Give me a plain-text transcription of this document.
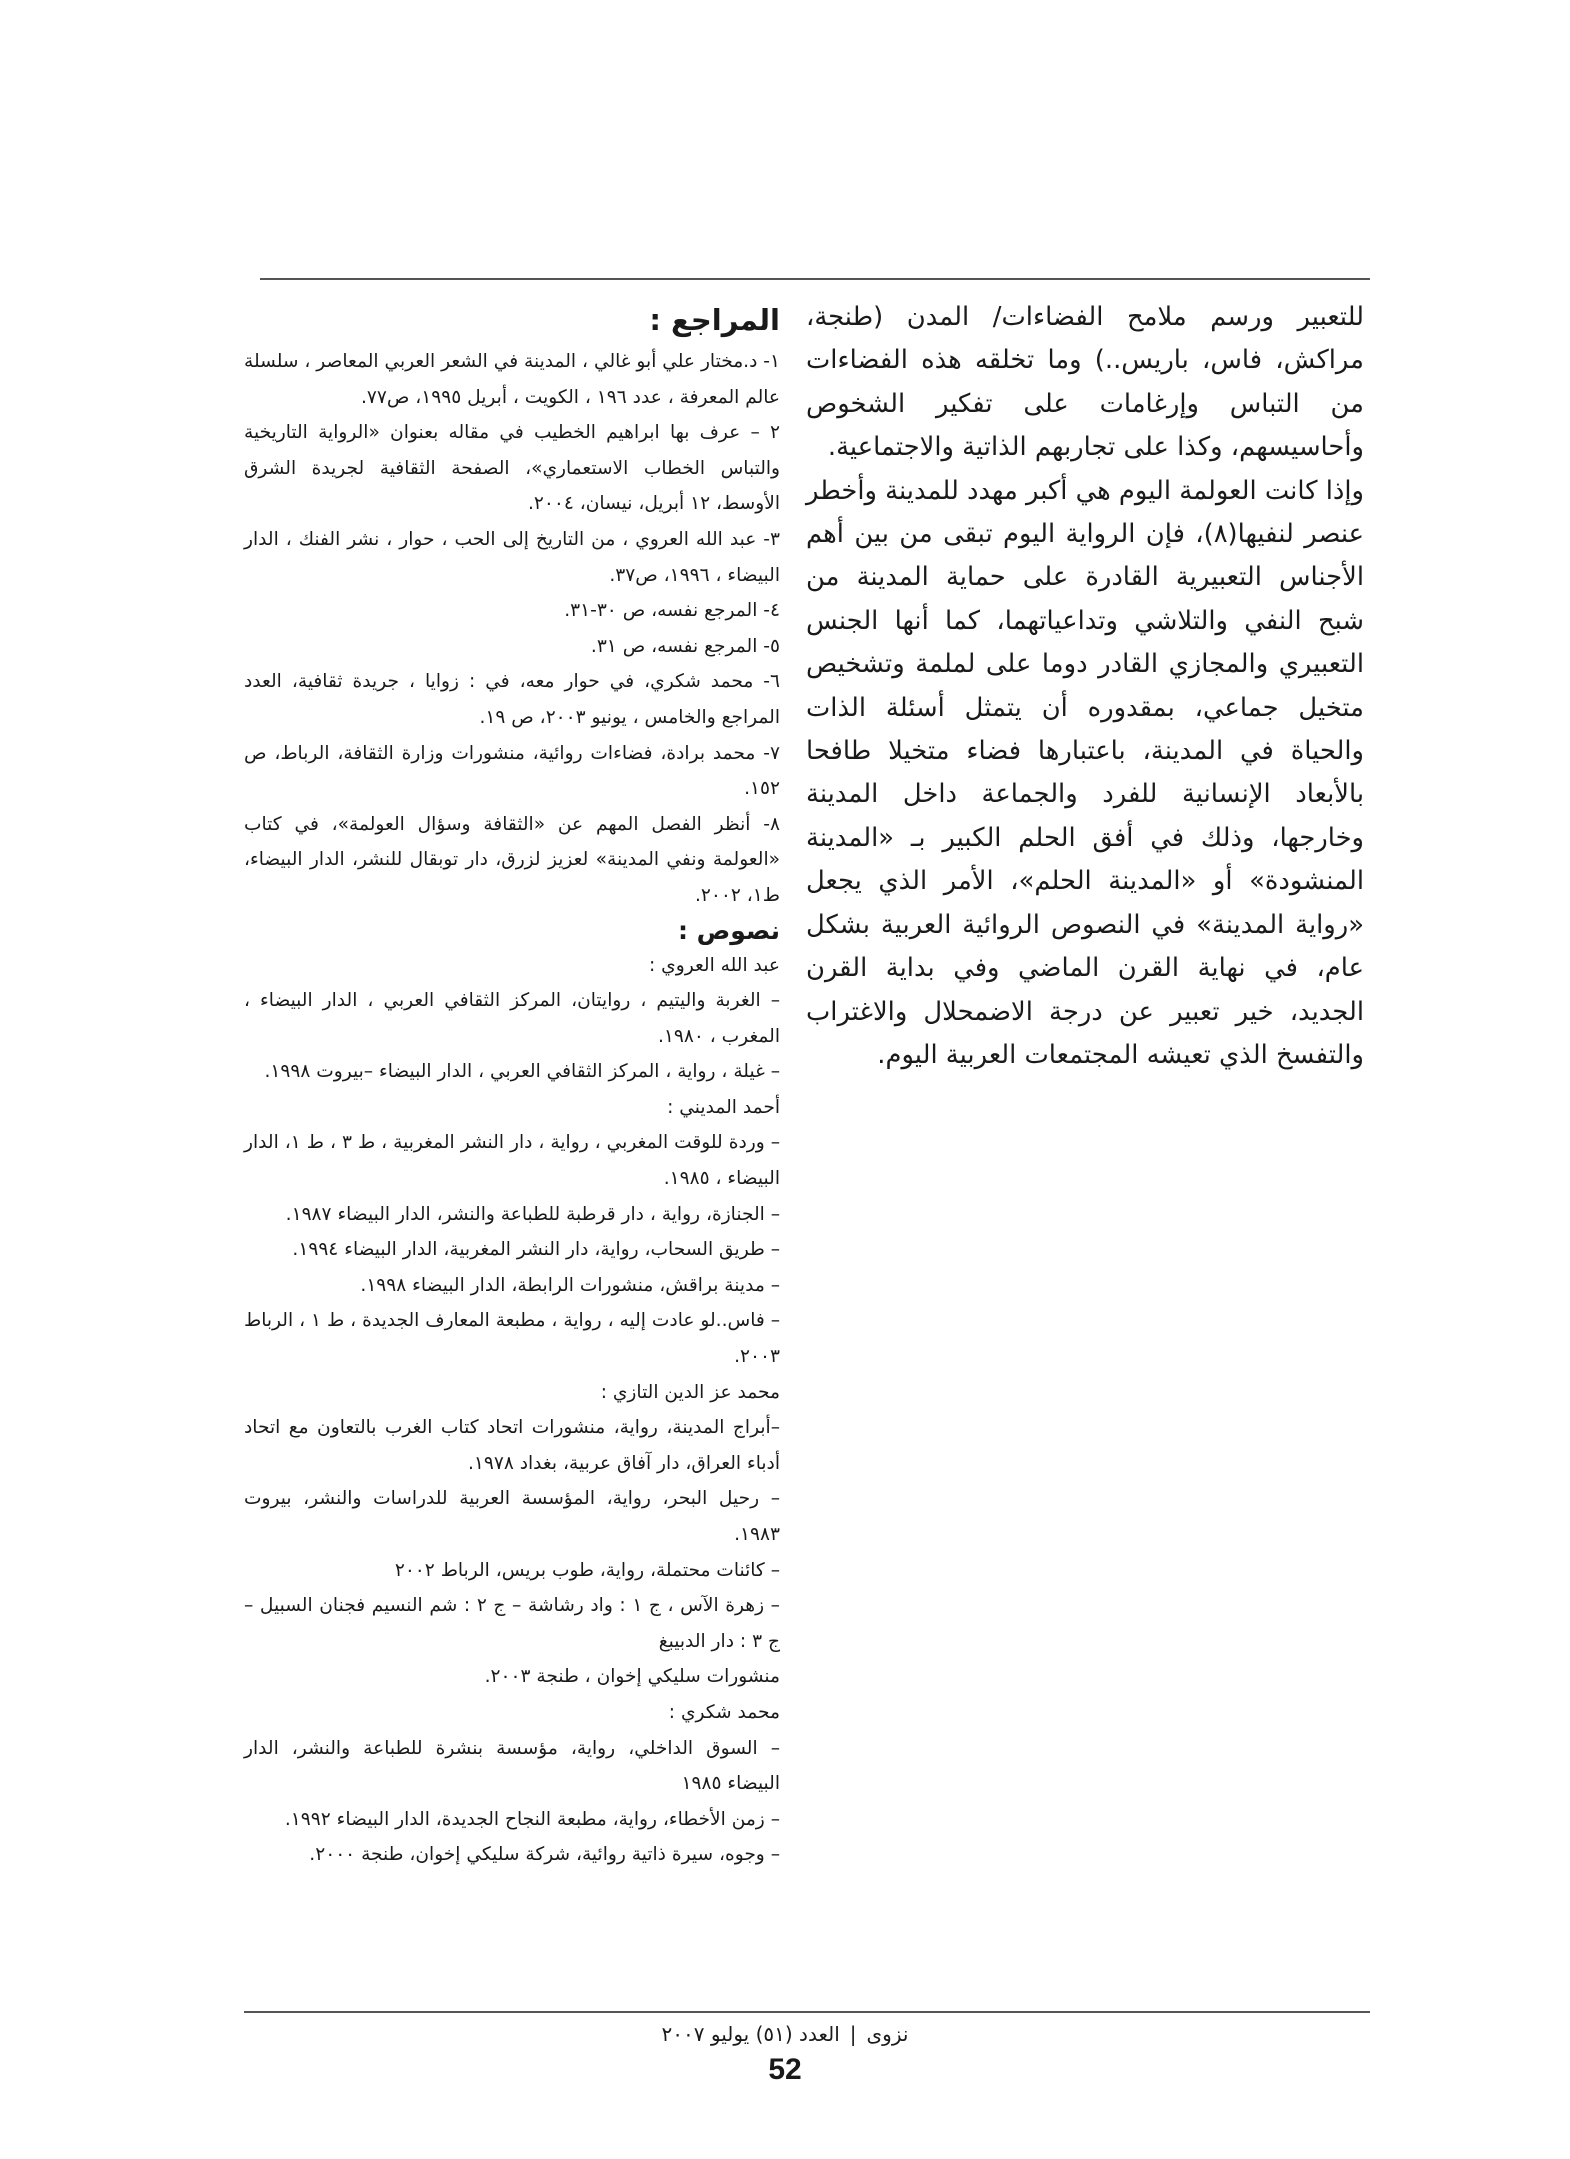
للتعبير ورسم ملامح الفضاءات/ المدن (طنجة، مراكش، فاس، باريس..) وما تخلقه هذه الفضاءات من التباس وإرغامات على تفكير الشخوص وأحاسيسهم، وكذا على تجاربهم الذاتية والاجتماعية.

وإذا كانت العولمة اليوم هي أكبر مهدد للمدينة وأخطر عنصر لنفيها(٨)، فإن الرواية اليوم تبقى من بين أهم الأجناس التعبيرية القادرة على حماية المدينة من شبح النفي والتلاشي وتداعياتهما، كما أنها الجنس التعبيري والمجازي القادر دوما على لملمة وتشخيص متخيل جماعي، بمقدوره أن يتمثل أسئلة الذات والحياة في المدينة، باعتبارها فضاء متخيلا طافحا بالأبعاد الإنسانية للفرد والجماعة داخل المدينة وخارجها، وذلك في أفق الحلم الكبير بـ «المدينة المنشودة» أو «المدينة الحلم»، الأمر الذي يجعل «رواية المدينة» في النصوص الروائية العربية بشكل عام، في نهاية القرن الماضي وفي بداية القرن الجديد، خير تعبير عن درجة الاضمحلال والاغتراب والتفسخ الذي تعيشه المجتمعات العربية اليوم.

المراجع :
١- د.مختار علي أبو غالي ، المدينة في الشعر العربي المعاصر ، سلسلة عالم المعرفة ، عدد ١٩٦ ، الكويت ، أبريل ١٩٩٥، ص٧٧.
٢ – عرف بها ابراهيم الخطيب في مقاله بعنوان «الرواية التاريخية والتباس الخطاب الاستعماري»، الصفحة الثقافية لجريدة الشرق الأوسط، ١٢ أبريل، نيسان، ٢٠٠٤.
٣- عبد الله العروي ، من التاريخ إلى الحب ، حوار ، نشر الفنك ، الدار البيضاء ، ١٩٩٦، ص٣٧.
٤- المرجع نفسه، ص ٣٠-٣١.
٥- المرجع نفسه، ص ٣١.
٦- محمد شكري، في حوار معه، في : زوايا ، جريدة ثقافية، العدد المراجع والخامس ، يونيو ٢٠٠٣، ص ١٩.
٧- محمد برادة، فضاءات روائية، منشورات وزارة الثقافة، الرباط، ص ١٥٢.
٨- أنظر الفصل المهم عن «الثقافة وسؤال العولمة»، في كتاب «العولمة ونفي المدينة» لعزيز لزرق، دار توبقال للنشر، الدار البيضاء، ط١، ٢٠٠٢.
نصوص :

عبد الله العروي :

– الغربة واليتيم ، روايتان، المركز الثقافي العربي ، الدار البيضاء ، المغرب ، ١٩٨٠.
– غيلة ، رواية ، المركز الثقافي العربي ، الدار البيضاء –بيروت ١٩٩٨.

أحمد المديني :

– وردة للوقت المغربي ، رواية ، دار النشر المغربية ، ط ٣ ، ط ١، الدار البيضاء ، ١٩٨٥.
– الجنازة، رواية ، دار قرطبة للطباعة والنشر، الدار البيضاء ١٩٨٧.
– طريق السحاب، رواية، دار النشر المغربية، الدار البيضاء ١٩٩٤.
– مدينة براقش، منشورات الرابطة، الدار البيضاء ١٩٩٨.
– فاس..لو عادت إليه ، رواية ، مطبعة المعارف الجديدة ، ط ١ ، الرباط ٢٠٠٣.

محمد عز الدين التازي :

–أبراج المدينة، رواية، منشورات اتحاد كتاب الغرب بالتعاون مع اتحاد أدباء العراق، دار آفاق عربية، بغداد ١٩٧٨.
– رحيل البحر، رواية، المؤسسة العربية للدراسات والنشر، بيروت ١٩٨٣.
– كائنات محتملة، رواية، طوب بريس، الرباط ٢٠٠٢
– زهرة الآس ، ج ١ : واد رشاشة – ج ٢ : شم النسيم فجنان السبيل – ج ٣ : دار الدبيبغ
منشورات سليكي إخوان ، طنجة ٢٠٠٣.

محمد شكري :

– السوق الداخلي، رواية، مؤسسة بنشرة للطباعة والنشر، الدار البيضاء ١٩٨٥
– زمن الأخطاء، رواية، مطبعة النجاح الجديدة، الدار البيضاء ١٩٩٢.
– وجوه، سيرة ذاتية روائية، شركة سليكي إخوان، طنجة ٢٠٠٠.
نزوى|العدد (٥١) يوليو ٢٠٠٧
52
